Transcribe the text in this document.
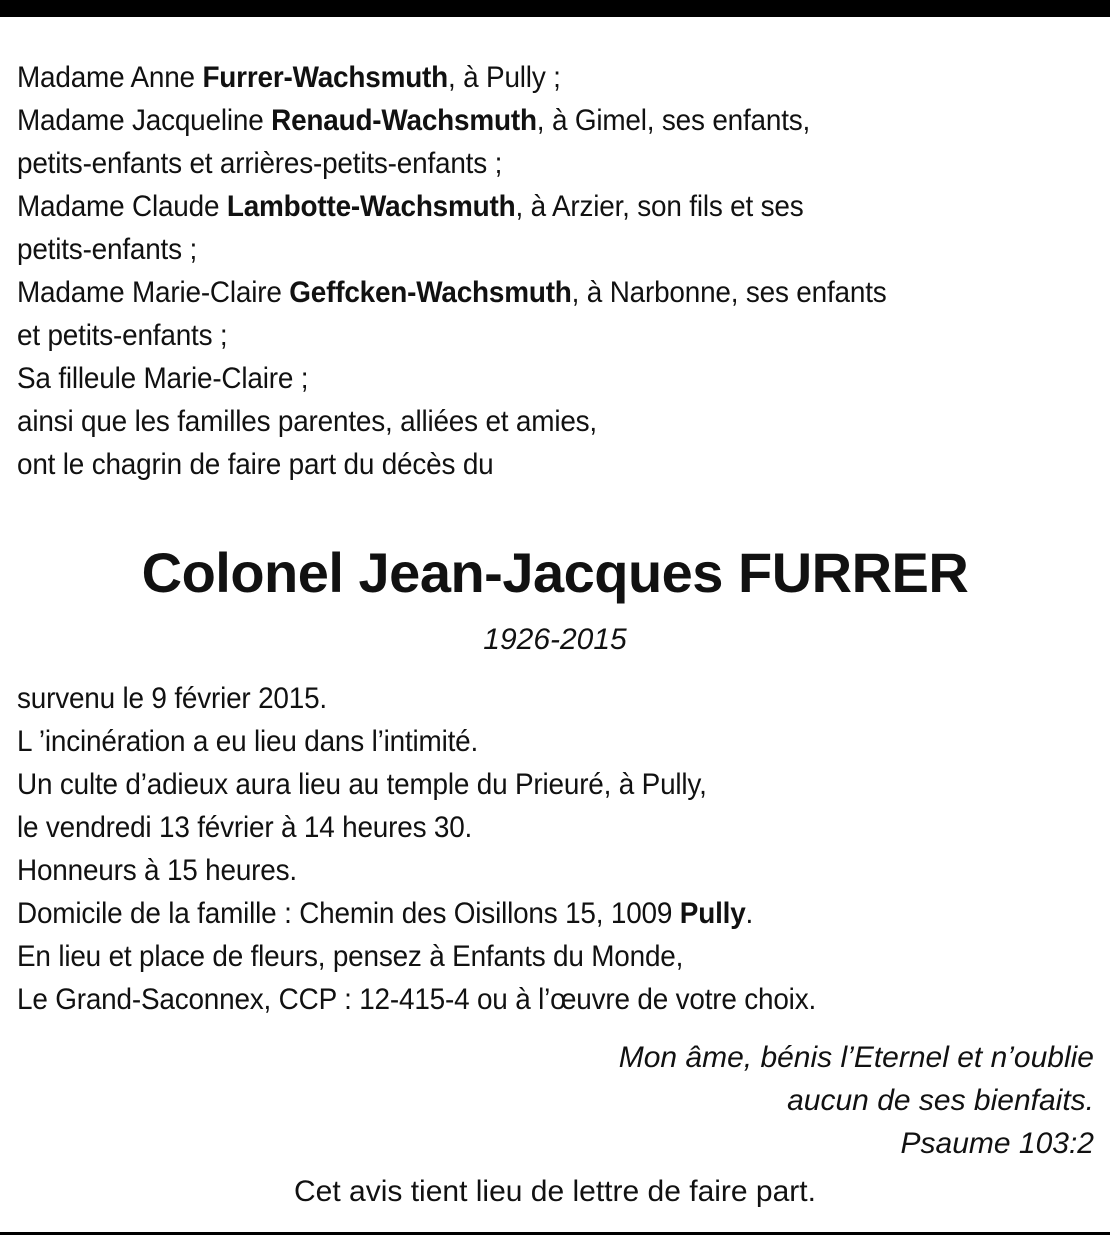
Madame Anne Furrer-Wachsmuth, à Pully ;
Madame Jacqueline Renaud-Wachsmuth, à Gimel, ses enfants,
petits-enfants et arrières-petits-enfants ;
Madame Claude Lambotte-Wachsmuth, à Arzier, son fils et ses
petits-enfants ;
Madame Marie-Claire Geffcken-Wachsmuth, à Narbonne, ses enfants
et petits-enfants ;
Sa filleule Marie-Claire ;
ainsi que les familles parentes, alliées et amies,
ont le chagrin de faire part du décès du
Colonel Jean-Jacques FURRER
1926-2015
survenu le 9 février 2015.
L ’incinération a eu lieu dans l’intimité.
Un culte d’adieux aura lieu au temple du Prieuré, à Pully,
le vendredi 13 février à 14 heures 30.
Honneurs à 15 heures.
Domicile de la famille : Chemin des Oisillons 15, 1009 Pully.
En lieu et place de fleurs, pensez à Enfants du Monde,
Le Grand-Saconnex, CCP : 12-415-4 ou à l’œuvre de votre choix.
Mon âme, bénis l’Eternel et n’oublie
aucun de ses bienfaits.
Psaume 103:2
Cet avis tient lieu de lettre de faire part.
